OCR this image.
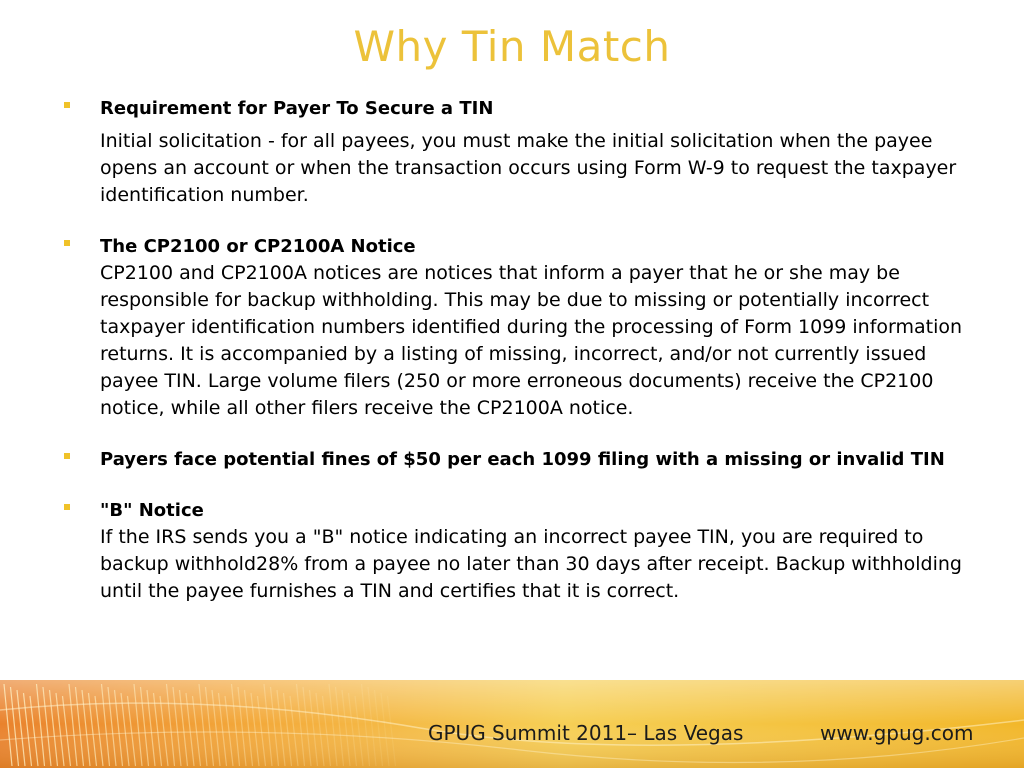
Why Tin Match

Requirement for Payer To Secure a TIN

Initial solicitation - for all payees, you must make the initial solicitation when the payee opens an account or when the transaction occurs using Form W-9 to request the taxpayer identification number.

The CP2100 or CP2100A Notice

CP2100 and CP2100A notices are notices that inform a payer that he or she may be responsible for backup withholding. This may be due to missing or potentially incorrect taxpayer identification numbers identified during the processing of Form 1099 information returns. It is accompanied by a listing of missing, incorrect, and/or not currently issued payee TIN. Large volume filers (250 or more erroneous documents) receive the CP2100 notice, while all other filers receive the CP2100A notice.

Payers face potential fines of $50 per each 1099 filing with a missing or invalid TIN

"B" Notice

If the IRS sends you a "B" notice indicating an incorrect payee TIN, you are required to backup withhold28% from a payee no later than 30 days after receipt. Backup withholding until the payee furnishes a TIN and certifies that it is correct.

GPUG Summit 2011– Las Vegas	www.gpug.com
